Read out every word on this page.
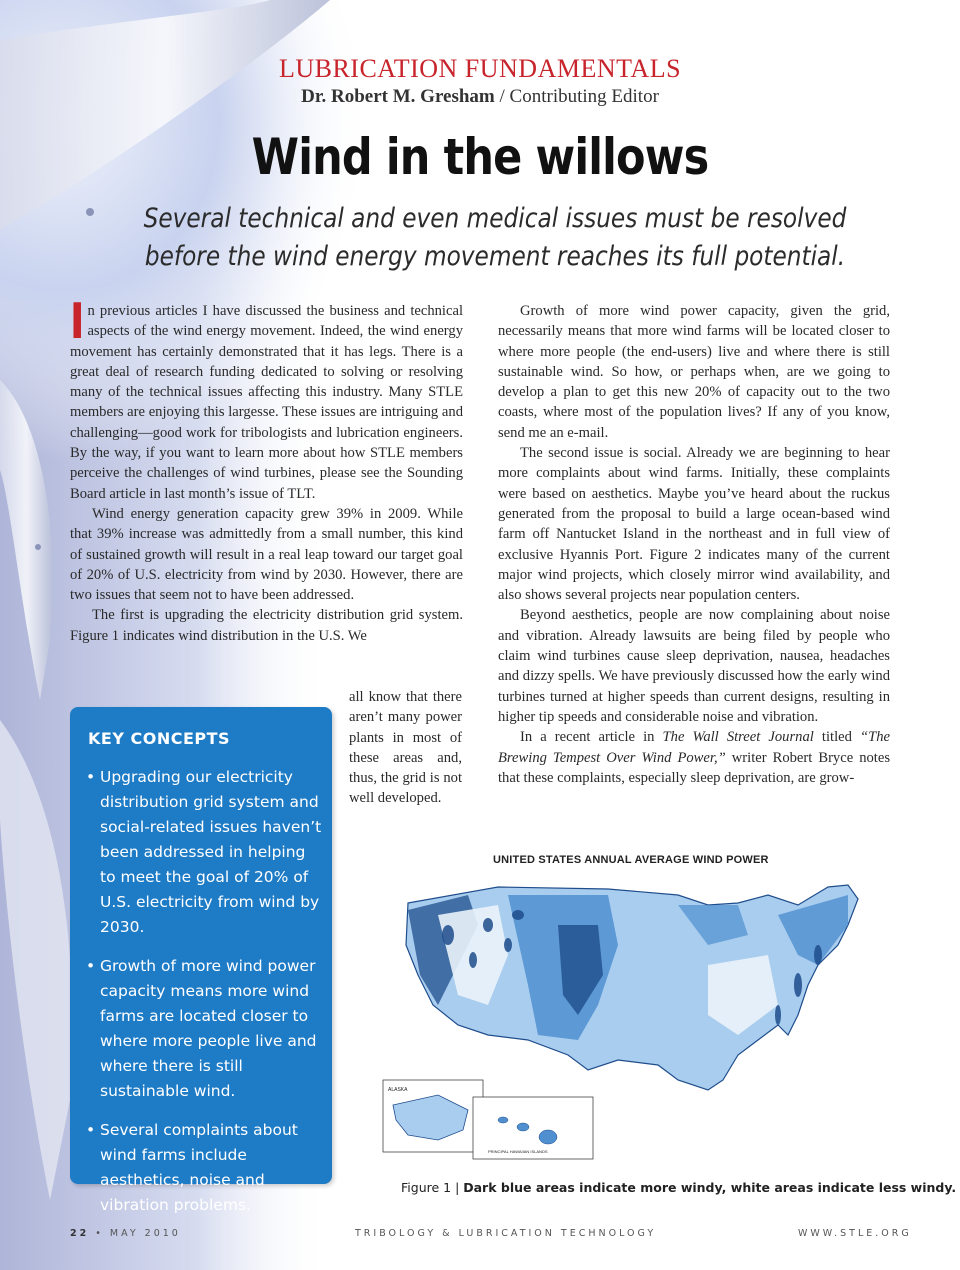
LUBRICATION FUNDAMENTALS
Dr. Robert M. Gresham / Contributing Editor
Wind in the willows
Several technical and even medical issues must be resolved before the wind energy movement reaches its full potential.

In previous articles I have discussed the business and technical aspects of the wind energy movement. Indeed, the wind energy movement has certainly demonstrated that it has legs. There is a great deal of research funding dedicated to solving or resolving many of the technical issues affecting this industry. Many STLE members are enjoying this largesse. These issues are intriguing and challenging—good work for tribologists and lubrication engineers. By the way, if you want to learn more about how STLE members perceive the challenges of wind turbines, please see the Sounding Board article in last month’s issue of TLT.

Wind energy generation capacity grew 39% in 2009. While that 39% increase was admittedly from a small number, this kind of sustained growth will result in a real leap toward our target goal of 20% of U.S. electricity from wind by 2030. However, there are two issues that seem not to have been addressed.

The first is upgrading the electricity distribution grid system. Figure 1 indicates wind distribution in the U.S. We

all know that there aren’t many power plants in most of these areas and, thus, the grid is not well developed.

Growth of more wind power capacity, given the grid, necessarily means that more wind farms will be located closer to where more people (the end-users) live and where there is still sustainable wind. So how, or perhaps when, are we going to develop a plan to get this new 20% of capacity out to the two coasts, where most of the population lives? If any of you know, send me an e-mail.

The second issue is social. Already we are beginning to hear more complaints about wind farms. Initially, these complaints were based on aesthetics. Maybe you’ve heard about the ruckus generated from the proposal to build a large ocean-based wind farm off Nantucket Island in the northeast and in full view of exclusive Hyannis Port. Figure 2 indicates many of the current major wind projects, which closely mirror wind availability, and also shows several projects near population centers.

Beyond aesthetics, people are now complaining about noise and vibration. Already lawsuits are being filed by people who claim wind turbines cause sleep deprivation, nausea, headaches and dizzy spells. We have previously discussed how the early wind turbines turned at higher speeds than current designs, resulting in higher tip speeds and considerable noise and vibration.

In a recent article in The Wall Street Journal titled “The Brewing Tempest Over Wind Power,” writer Robert Bryce notes that these complaints, especially sleep deprivation, are grow-

KEY CONCEPTS
• Upgrading our electricity distribution grid system and social-related issues haven’t been addressed in helping to meet the goal of 20% of U.S. electricity from wind by 2030.
• Growth of more wind power capacity means more wind farms are located closer to where more people live and where there is still sustainable wind.
• Several complaints about wind farms include aesthetics, noise and vibration problems.
UNITED STATES ANNUAL AVERAGE WIND POWER
ALASKA
PRINCIPAL HAWAIIAN ISLANDS
Figure 1 | Dark blue areas indicate more windy, white areas indicate less windy.
22 • MAY 2010	TRIBOLOGY & LUBRICATION TECHNOLOGY	WWW.STLE.ORG
